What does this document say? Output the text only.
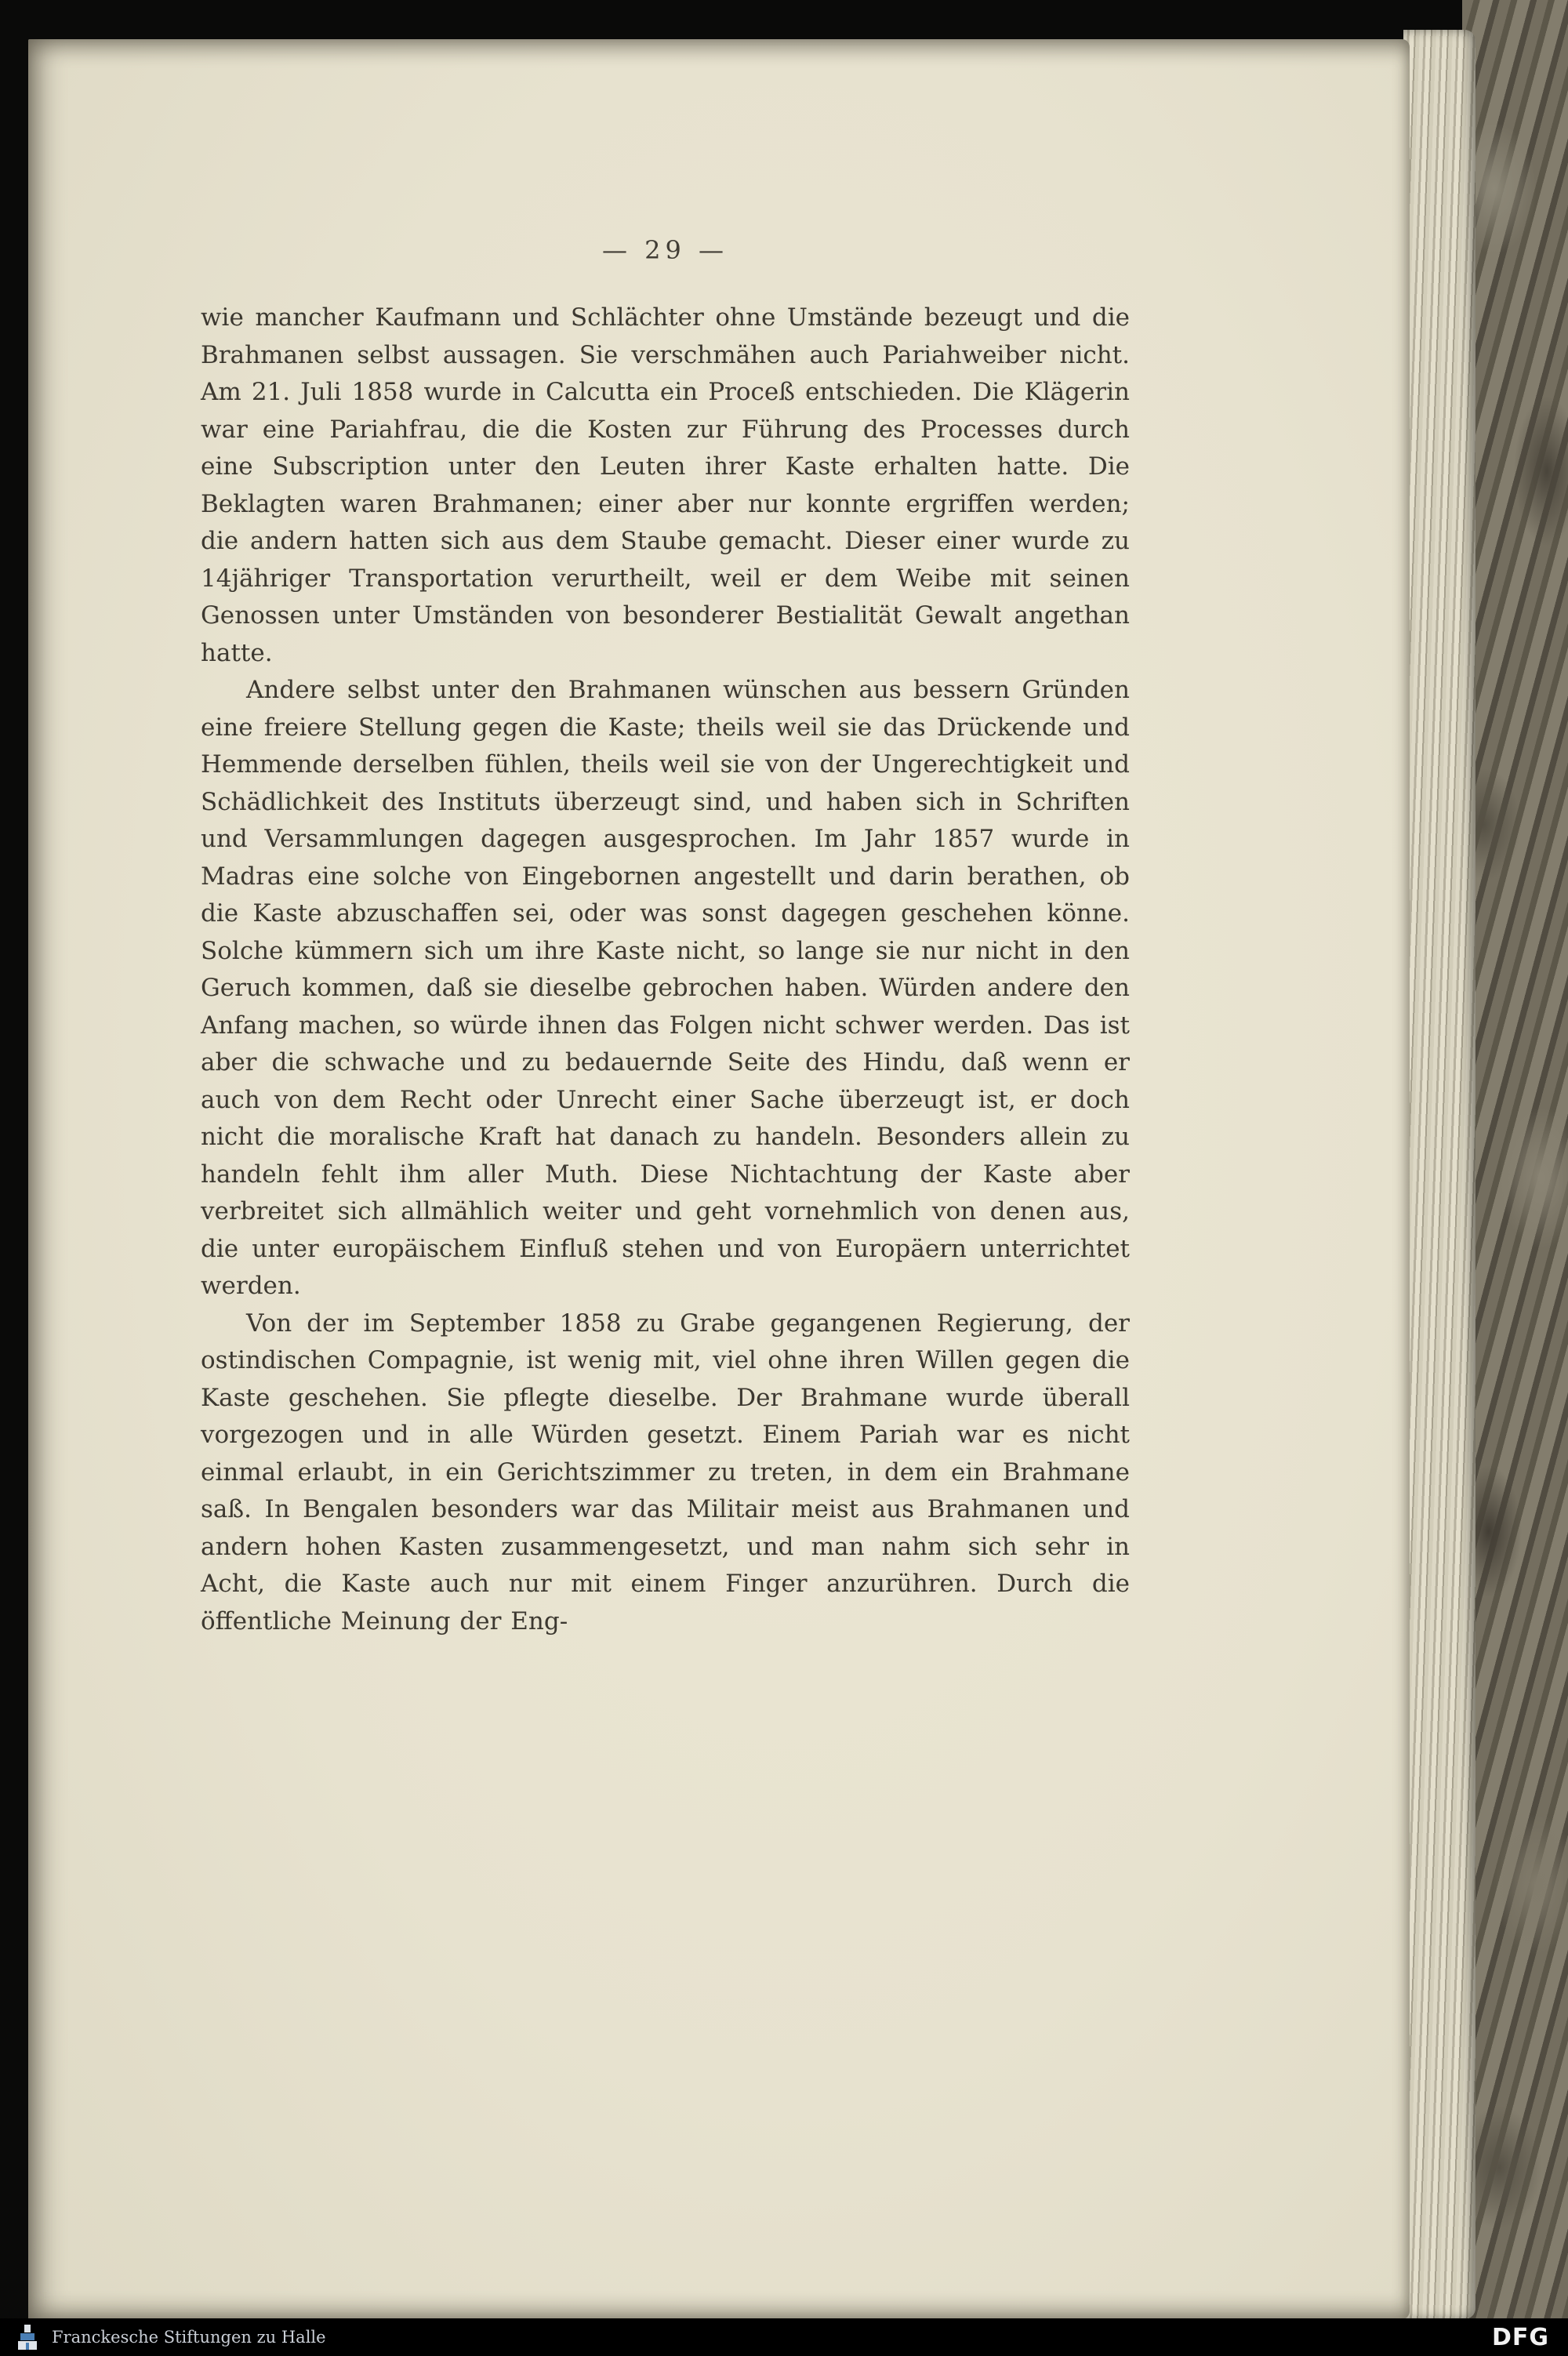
— 29 —

wie mancher Kaufmann und Schlächter ohne Umstände bezeugt und die Brahmanen selbst aussagen. Sie verschmähen auch Pariahweiber nicht. Am 21. Juli 1858 wurde in Calcutta ein Proceß entschieden. Die Klägerin war eine Pariahfrau, die die Kosten zur Führung des Processes durch eine Subscription unter den Leuten ihrer Kaste erhalten hatte. Die Beklagten waren Brahmanen; einer aber nur konnte ergriffen werden; die andern hatten sich aus dem Staube gemacht. Dieser einer wurde zu 14jähriger Transportation verurtheilt, weil er dem Weibe mit seinen Genossen unter Umständen von besonderer Bestialität Gewalt angethan hatte.

Andere selbst unter den Brahmanen wünschen aus bessern Gründen eine freiere Stellung gegen die Kaste; theils weil sie das Drückende und Hemmende derselben fühlen, theils weil sie von der Ungerechtigkeit und Schädlichkeit des Instituts überzeugt sind, und haben sich in Schriften und Versammlungen dagegen ausgesprochen. Im Jahr 1857 wurde in Madras eine solche von Eingebornen angestellt und darin berathen, ob die Kaste abzuschaffen sei, oder was sonst dagegen geschehen könne. Solche kümmern sich um ihre Kaste nicht, so lange sie nur nicht in den Geruch kommen, daß sie dieselbe gebrochen haben. Würden andere den Anfang machen, so würde ihnen das Folgen nicht schwer werden. Das ist aber die schwache und zu bedauernde Seite des Hindu, daß wenn er auch von dem Recht oder Unrecht einer Sache überzeugt ist, er doch nicht die moralische Kraft hat danach zu handeln. Besonders allein zu handeln fehlt ihm aller Muth. Diese Nichtachtung der Kaste aber verbreitet sich allmählich weiter und geht vornehmlich von denen aus, die unter europäischem Einfluß stehen und von Europäern unterrichtet werden.

Von der im September 1858 zu Grabe gegangenen Regierung, der ostindischen Compagnie, ist wenig mit, viel ohne ihren Willen gegen die Kaste geschehen. Sie pflegte dieselbe. Der Brahmane wurde überall vorgezogen und in alle Würden gesetzt. Einem Pariah war es nicht einmal erlaubt, in ein Gerichtszimmer zu treten, in dem ein Brahmane saß. In Bengalen besonders war das Militair meist aus Brahmanen und andern hohen Kasten zusammengesetzt, und man nahm sich sehr in Acht, die Kaste auch nur mit einem Finger anzurühren. Durch die öffentliche Meinung der Eng-

Franckesche Stiftungen zu Halle	DFG
